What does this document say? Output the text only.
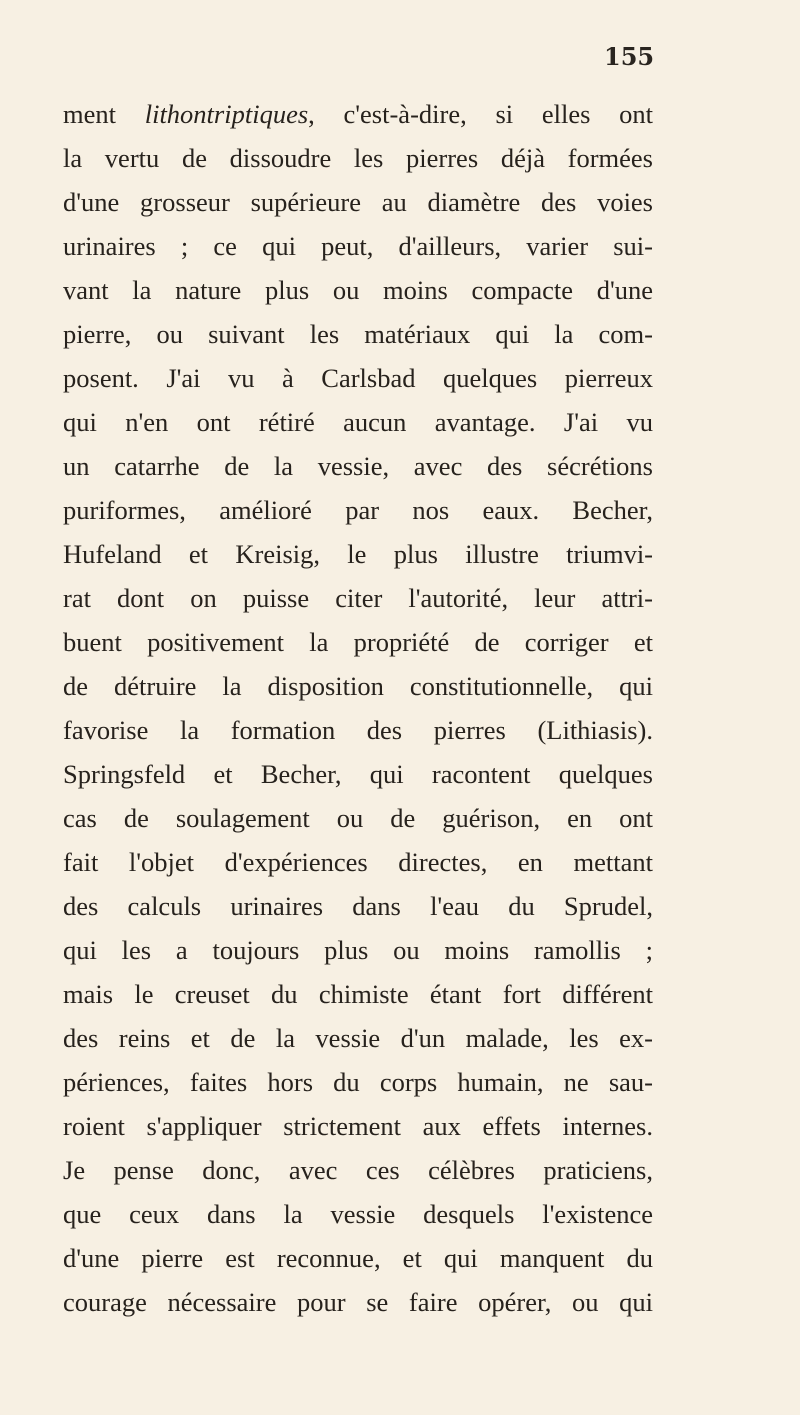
155
ment lithontriptiques, c'est-à-dire, si elles ont
la vertu de dissoudre les pierres déjà formées
d'une grosseur supérieure au diamètre des voies
urinaires ; ce qui peut, d'ailleurs, varier sui-
vant la nature plus ou moins compacte d'une
pierre, ou suivant les matériaux qui la com-
posent. J'ai vu à Carlsbad quelques pierreux
qui n'en ont rétiré aucun avantage. J'ai vu
un catarrhe de la vessie, avec des sécrétions
puriformes, amélioré par nos eaux. Becher,
Hufeland et Kreisig, le plus illustre triumvi-
rat dont on puisse citer l'autorité, leur attri-
buent positivement la propriété de corriger et
de détruire la disposition constitutionnelle, qui
favorise la formation des pierres (Lithiasis).
Springsfeld et Becher, qui racontent quelques
cas de soulagement ou de guérison, en ont
fait l'objet d'expériences directes, en mettant
des calculs urinaires dans l'eau du Sprudel,
qui les a toujours plus ou moins ramollis ;
mais le creuset du chimiste étant fort différent
des reins et de la vessie d'un malade, les ex-
périences, faites hors du corps humain, ne sau-
roient s'appliquer strictement aux effets internes.
Je pense donc, avec ces célèbres praticiens,
que ceux dans la vessie desquels l'existence
d'une pierre est reconnue, et qui manquent du
courage nécessaire pour se faire opérer, ou qui
